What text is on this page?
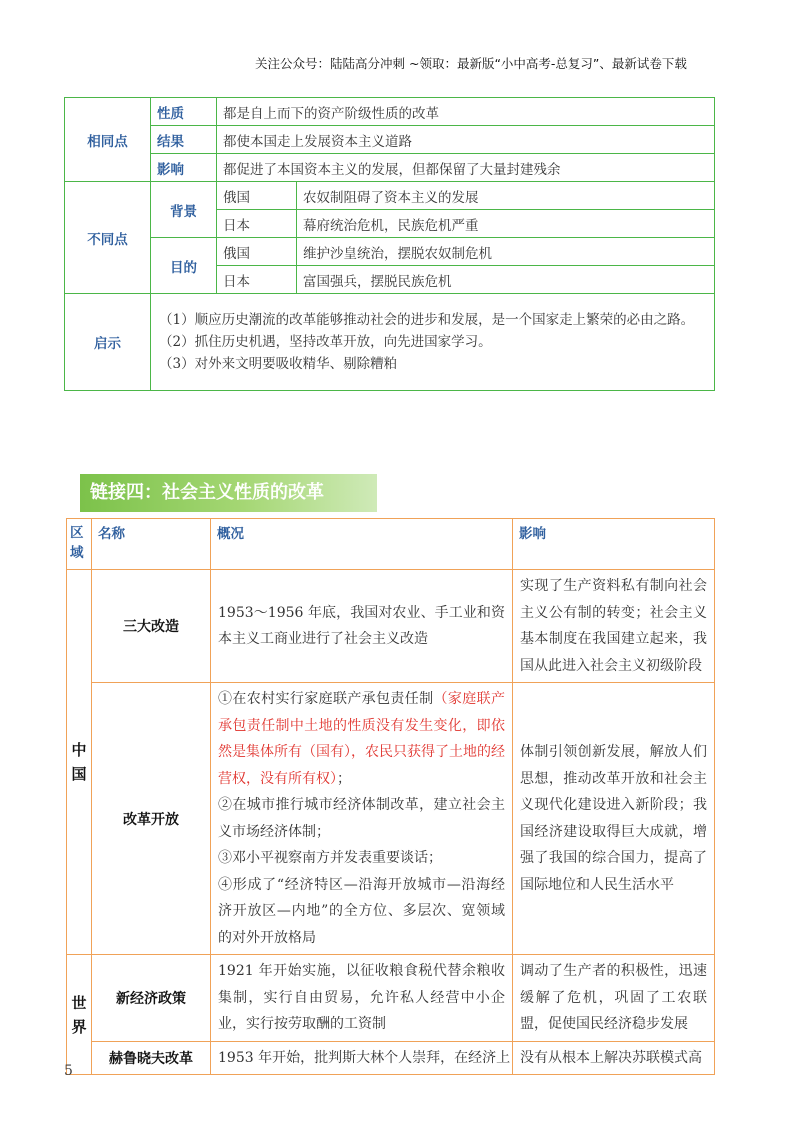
关注公众号：陆陆高分冲刺 ~领取：最新版“小中高考-总复习”、最新试卷下载
相同点	性质	都是自上而下的资产阶级性质的改革	
	结果	都使本国走上发展资本主义道路	
	影响	都促进了本国资本主义的发展，但都保留了大量封建残余	
不同点	背景	俄国	农奴制阻碍了资本主义的发展
		日本	幕府统治危机，民族危机严重
	目的	俄国	维护沙皇统治，摆脱农奴制危机
		日本	富国强兵，摆脱民族危机
启示	（1）顺应历史潮流的改革能够推动社会的进步和发展，是一个国家走上繁荣的必由之路。
（2）抓住历史机遇，坚持改革开放，向先进国家学习。
（3）对外来文明要吸收精华、剔除糟粕		
链接四：社会主义性质的改革
区域	名称	概况	影响
中国	三大改造	1953～1956 年底，我国对农业、手工业和资本主义工商业进行了社会主义改造	实现了生产资料私有制向社会主义公有制的转变；社会主义基本制度在我国建立起来，我国从此进入社会主义初级阶段
	改革开放	①在农村实行家庭联产承包责任制（家庭联产承包责任制中土地的性质没有发生变化，即依然是集体所有（国有），农民只获得了土地的经营权，没有所有权）；
②在城市推行城市经济体制改革，建立社会主义市场经济体制；
③邓小平视察南方并发表重要谈话；
④形成了“经济特区—沿海开放城市—沿海经济开放区—内地”的全方位、多层次、宽领域的对外开放格局	体制引领创新发展，解放人们思想，推动改革开放和社会主义现代化建设进入新阶段；我国经济建设取得巨大成就，增强了我国的综合国力，提高了国际地位和人民生活水平
世界	新经济政策	1921 年开始实施，以征收粮食税代替余粮收集制，实行自由贸易，允许私人经营中小企业，实行按劳取酬的工资制	调动了生产者的积极性，迅速缓解了危机，巩固了工农联盟，促使国民经济稳步发展
	赫鲁晓夫改革	1953 年开始，批判斯大林个人崇拜，在经济上	没有从根本上解决苏联模式高
5
